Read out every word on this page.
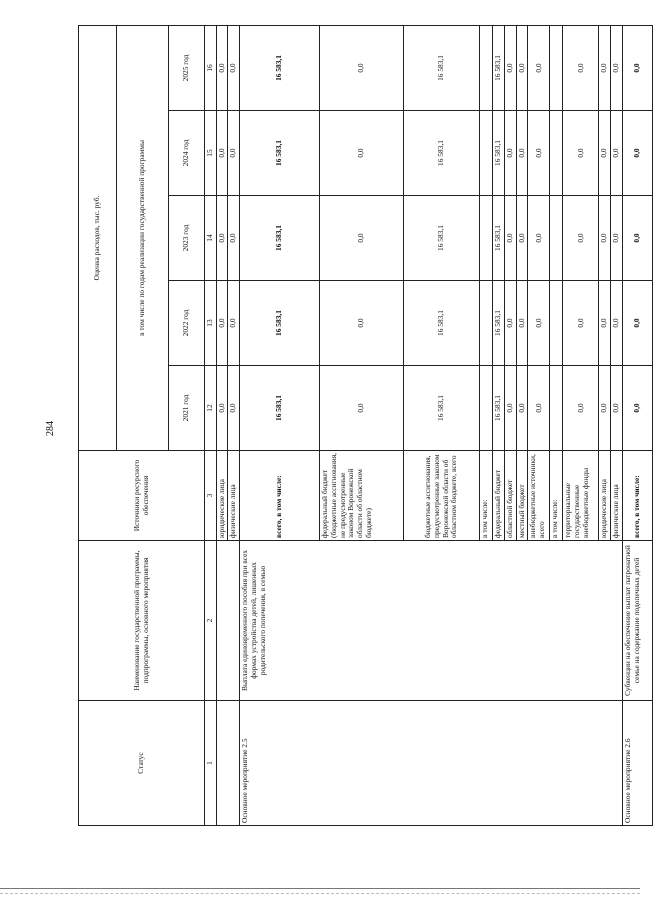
284
Статус	Наименование государственной программы, подпрограммы, основного мероприятия	Источники ресурсного обеспечения	Оценка расходов, тыс. руб.				
			в том числе по годам реализации государственной программы				
			2021 год	2022 год	2023 год	2024 год	2025 год
1	2	3	12	13	14	15	16
		юридические лица	0,0	0,0	0,0	0,0	0,0
		физические лица	0,0	0,0	0,0	0,0	0,0
Основное мероприятие 2.5	Выплата единовременного пособия при всех формах устройства детей, лишенных родительского попечения, в семью	всего, в том числе:	16 583,1	16 583,1	16 583,1	16 583,1	16 583,1
		федеральный бюджет (бюджетные ассигнования, не предусмотренные законом Воронежской области об областном бюджете)	0,0	0,0	0,0	0,0	0,0
		бюджетные ассигнования, предусмотренные законом Воронежской области об областном бюджете, всего	16 583,1	16 583,1	16 583,1	16 583,1	16 583,1
		в том числе:					
		федеральный бюджет	16 583,1	16 583,1	16 583,1	16 583,1	16 583,1
		областной бюджет	0,0	0,0	0,0	0,0	0,0
		местный бюджет	0,0	0,0	0,0	0,0	0,0
		внебюджетные источники, всего	0,0	0,0	0,0	0,0	0,0
		в том числе:					
		территориальные государственные внебюджетные фонды	0,0	0,0	0,0	0,0	0,0
		юридические лица	0,0	0,0	0,0	0,0	0,0
		физические лица	0,0	0,0	0,0	0,0	0,0
Основное мероприятие 2.6	Субвенции на обеспечение выплат патронатной семье на содержание подопечных детей	всего, в том числе:	0,0	0,0	0,0	0,0	0,0
